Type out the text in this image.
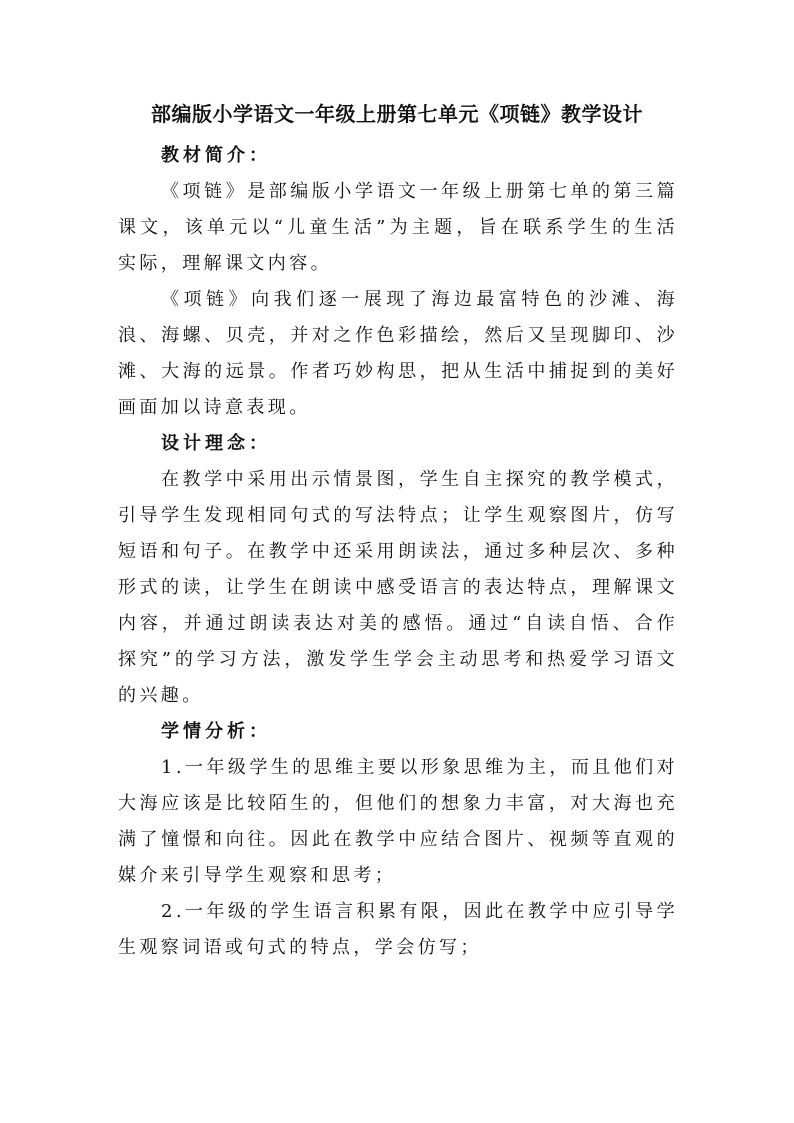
部编版小学语文一年级上册第七单元《项链》教学设计

教材简介：

《项链》是部编版小学语文一年级上册第七单的第三篇课文，该单元以“儿童生活”为主题，旨在联系学生的生活实际，理解课文内容。

《项链》向我们逐一展现了海边最富特色的沙滩、海浪、海螺、贝壳，并对之作色彩描绘，然后又呈现脚印、沙滩、大海的远景。作者巧妙构思，把从生活中捕捉到的美好画面加以诗意表现。

设计理念：

在教学中采用出示情景图，学生自主探究的教学模式，引导学生发现相同句式的写法特点；让学生观察图片，仿写短语和句子。在教学中还采用朗读法，通过多种层次、多种形式的读，让学生在朗读中感受语言的表达特点，理解课文内容，并通过朗读表达对美的感悟。通过“自读自悟、合作探究”的学习方法，激发学生学会主动思考和热爱学习语文的兴趣。

学情分析：

1.一年级学生的思维主要以形象思维为主，而且他们对大海应该是比较陌生的，但他们的想象力丰富，对大海也充满了憧憬和向往。因此在教学中应结合图片、视频等直观的媒介来引导学生观察和思考；

2.一年级的学生语言积累有限，因此在教学中应引导学生观察词语或句式的特点，学会仿写；
